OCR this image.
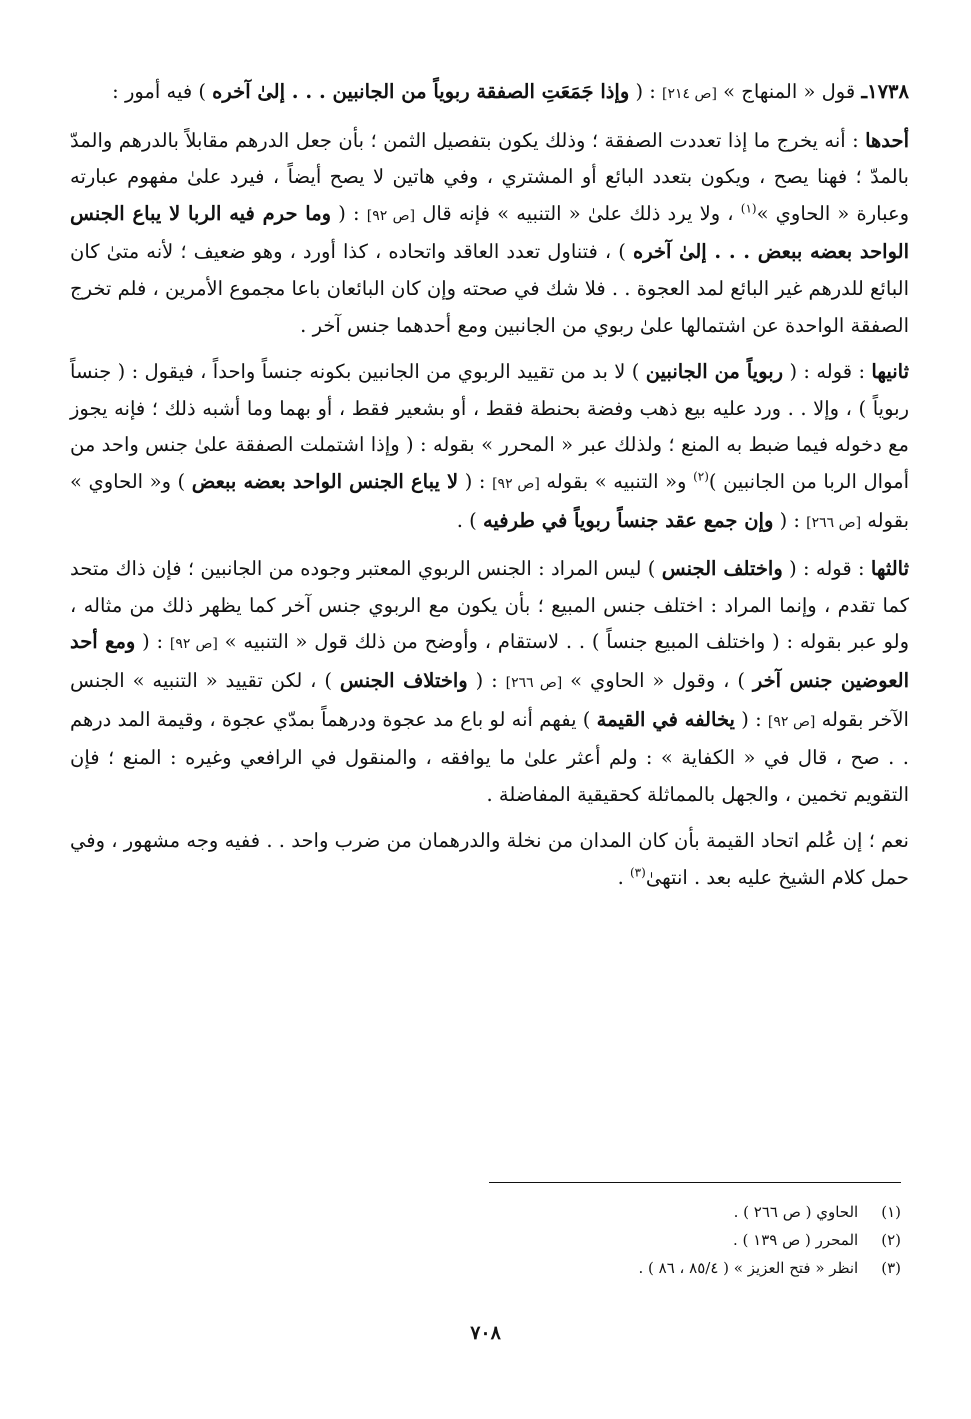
١٧٣٨ـ قول « المنهاج » [ص ٢١٤] : ( وإذا جَمَعَتِ الصفقة ربوياً من الجانبين . . . إلىٰ آخره ) فيه أمور :

أحدها : أنه يخرج ما إذا تعددت الصفقة ؛ وذلك يكون بتفصيل الثمن ؛ بأن جعل الدرهم مقابلاً بالدرهم والمدّ بالمدّ ؛ فهنا يصح ، ويكون بتعدد البائع أو المشتري ، وفي هاتين لا يصح أيضاً ، فيرد علىٰ مفهوم عبارته وعبارة « الحاوي »$^{(١)}$ ، ولا يرد ذلك علىٰ « التنبيه » فإنه قال [ص ٩٢] : ( وما حرم فيه الربا لا يباع الجنس الواحد بعضه ببعض . . . إلىٰ آخره ) ، فتناول تعدد العاقد واتحاده ، كذا أورد ، وهو ضعيف ؛ لأنه متىٰ كان البائع للدرهم غير البائع لمد العجوة . . فلا شك في صحته وإن كان البائعان باعا مجموع الأمرين ، فلم تخرج الصفقة الواحدة عن اشتمالها علىٰ ربوي من الجانبين ومع أحدهما جنس آخر .

ثانيها : قوله : ( ربوياً من الجانبين ) لا بد من تقييد الربوي من الجانبين بكونه جنساً واحداً ، فيقول : ( جنساً ربوياً ) ، وإلا . . ورد عليه بيع ذهب وفضة بحنطة فقط ، أو بشعير فقط ، أو بهما وما أشبه ذلك ؛ فإنه يجوز مع دخوله فيما ضبط به المنع ؛ ولذلك عبر « المحرر » بقوله : ( وإذا اشتملت الصفقة علىٰ جنس واحد من أموال الربا من الجانبين )$^{(٢)}$ و« التنبيه » بقوله [ص ٩٢] : ( لا يباع الجنس الواحد بعضه ببعض ) و« الحاوي » بقوله [ص ٢٦٦] : ( وإن جمع عقد جنساً ربوياً في طرفيه ) .

ثالثها : قوله : ( واختلف الجنس ) ليس المراد : الجنس الربوي المعتبر وجوده من الجانبين ؛ فإن ذاك متحد كما تقدم ، وإنما المراد : اختلف جنس المبيع ؛ بأن يكون مع الربوي جنس آخر كما يظهر ذلك من مثاله ، ولو عبر بقوله : ( واختلف المبيع جنساً ) . . لاستقام ، وأوضح من ذلك قول « التنبيه » [ص ٩٢] : ( ومع أحد العوضين جنس آخر ) ، وقول « الحاوي » [ص ٢٦٦] : ( واختلاف الجنس ) ، لكن تقييد « التنبيه » الجنس الآخر بقوله [ص ٩٢] : ( يخالفه في القيمة ) يفهم أنه لو باع مد عجوة ودرهماً بمدّي عجوة ، وقيمة المد درهم . . صح ، قال في « الكفاية » : ولم أعثر علىٰ ما يوافقه ، والمنقول في الرافعي وغيره : المنع ؛ فإن التقويم تخمين ، والجهل بالمماثلة كحقيقية المفاضلة .

نعم ؛ إن عُلم اتحاد القيمة بأن كان المدان من نخلة والدرهمان من ضرب واحد . . ففيه وجه مشهور ، وفي حمل كلام الشيخ عليه بعد . انتهىٰ$^{(٣)}$ .

(١) الحاوي ( ص ٢٦٦ ) .
(٢) المحرر ( ص ١٣٩ ) .
(٣) انظر « فتح العزيز » ( ٨٥/٤ ، ٨٦ ) .
٧٠٨
